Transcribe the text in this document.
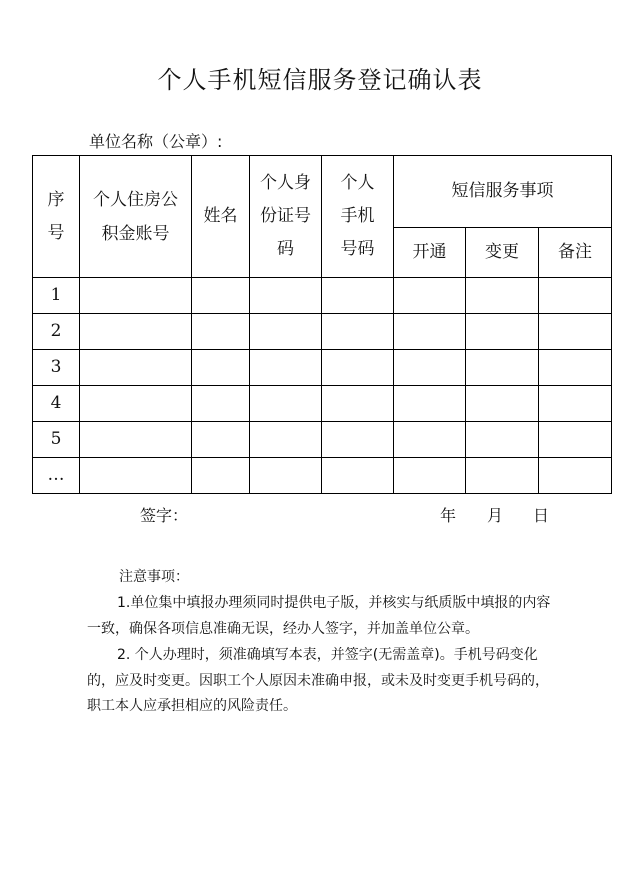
个人手机短信服务登记确认表
单位名称（公章）:
序号	个人住房公积金账号	姓名	个人身份证号码	个人手机号码	短信服务事项		
					开通	变更	备注
1							
2							
3							
4							
5							
…							
签字：	年 月 日

注意事项：

1.单位集中填报办理须同时提供电子版，并核实与纸质版中填报的内容一致，确保各项信息准确无误，经办人签字，并加盖单位公章。

2. 个人办理时，须准确填写本表，并签字(无需盖章)。手机号码变化的，应及时变更。因职工个人原因未准确申报，或未及时变更手机号码的，职工本人应承担相应的风险责任。
